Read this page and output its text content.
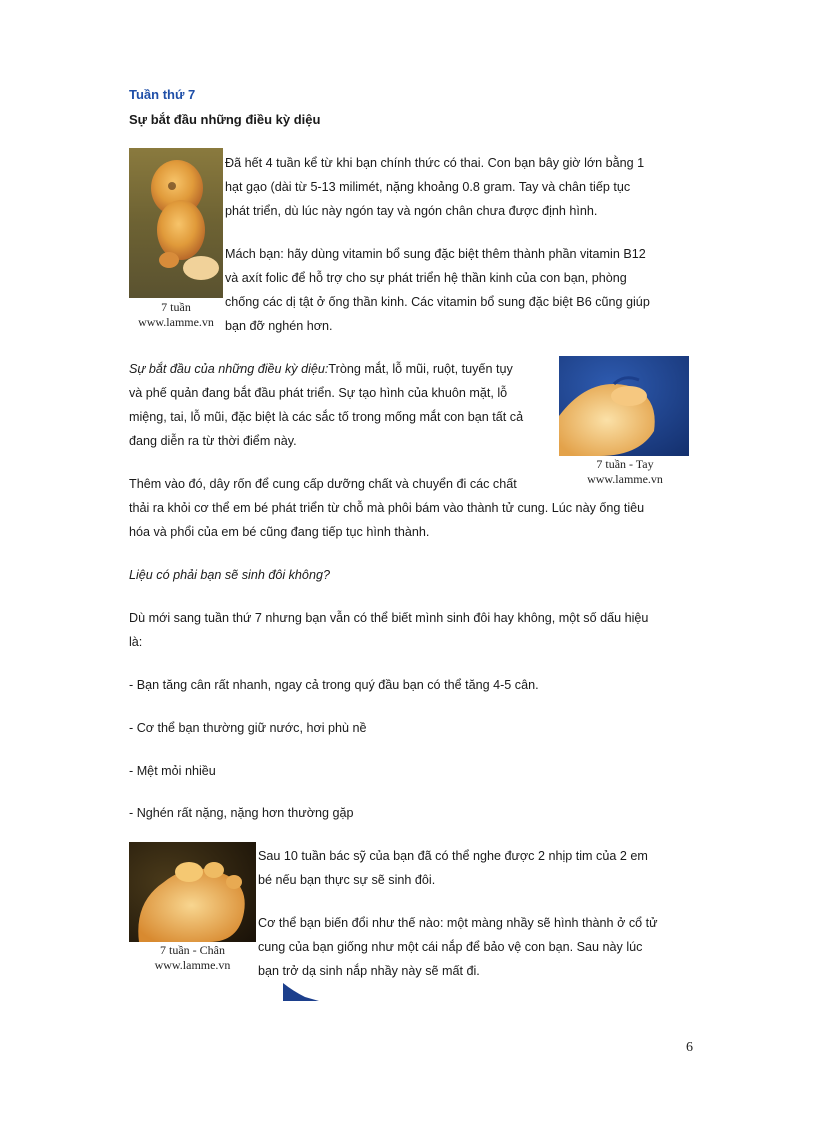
Tuần thứ 7
Sự bắt đầu những điều kỳ diệu
7 tuần
www.lamme.vn
Đã hết 4 tuần kể từ khi bạn chính thức có thai. Con bạn bây giờ lớn bằng 1
hạt gạo (dài từ 5-13 milimét, nặng khoảng 0.8 gram. Tay và chân tiếp tục
phát triển, dù lúc này ngón tay và ngón chân chưa được định hình.
Mách bạn: hãy dùng vitamin bổ sung đặc biệt thêm thành phần vitamin B12
và axít folic để hỗ trợ cho sự phát triển hệ thần kinh của con bạn, phòng
chống các dị tật ở ống thần kinh. Các vitamin bổ sung đặc biệt B6 cũng giúp
bạn đỡ nghén hơn.
7 tuần - Tay
www.lamme.vn
Sự bắt đầu của những điều kỳ diệu:Tròng mắt, lỗ mũi, ruột, tuyến tụy
và phế quản đang bắt đầu phát triển. Sự tạo hình của khuôn mặt, lỗ
miệng, tai, lỗ mũi, đặc biệt là các sắc tố trong mống mắt con bạn tất cả
đang diễn ra từ thời điểm này.
Thêm vào đó, dây rốn để cung cấp dưỡng chất và chuyển đi các chất
thải ra khỏi cơ thể em bé phát triển từ chỗ mà phôi bám vào thành tử cung. Lúc này ống tiêu
hóa và phổi của em bé cũng đang tiếp tục hình thành.
Liệu có phải bạn sẽ sinh đôi không?
Dù mới sang tuần thứ 7 nhưng bạn vẫn có thể biết mình sinh đôi hay không, một số dấu hiệu
là:
- Bạn tăng cân rất nhanh, ngay cả trong quý đầu bạn có thể tăng 4-5 cân.
- Cơ thể bạn thường giữ nước, hơi phù nề
- Mệt mỏi nhiều
- Nghén rất nặng, nặng hơn thường gặp
7 tuần - Chân
www.lamme.vn
Sau 10 tuần bác sỹ của bạn đã có thể nghe được 2 nhịp tim của 2 em
bé nếu bạn thực sự sẽ sinh đôi.
Cơ thể bạn biến đổi như thế nào: một màng nhầy sẽ hình thành ở cổ tử
cung của bạn giống như một cái nắp để bảo vệ con bạn. Sau này lúc
bạn trở dạ sinh nắp nhầy này sẽ mất đi.
6
